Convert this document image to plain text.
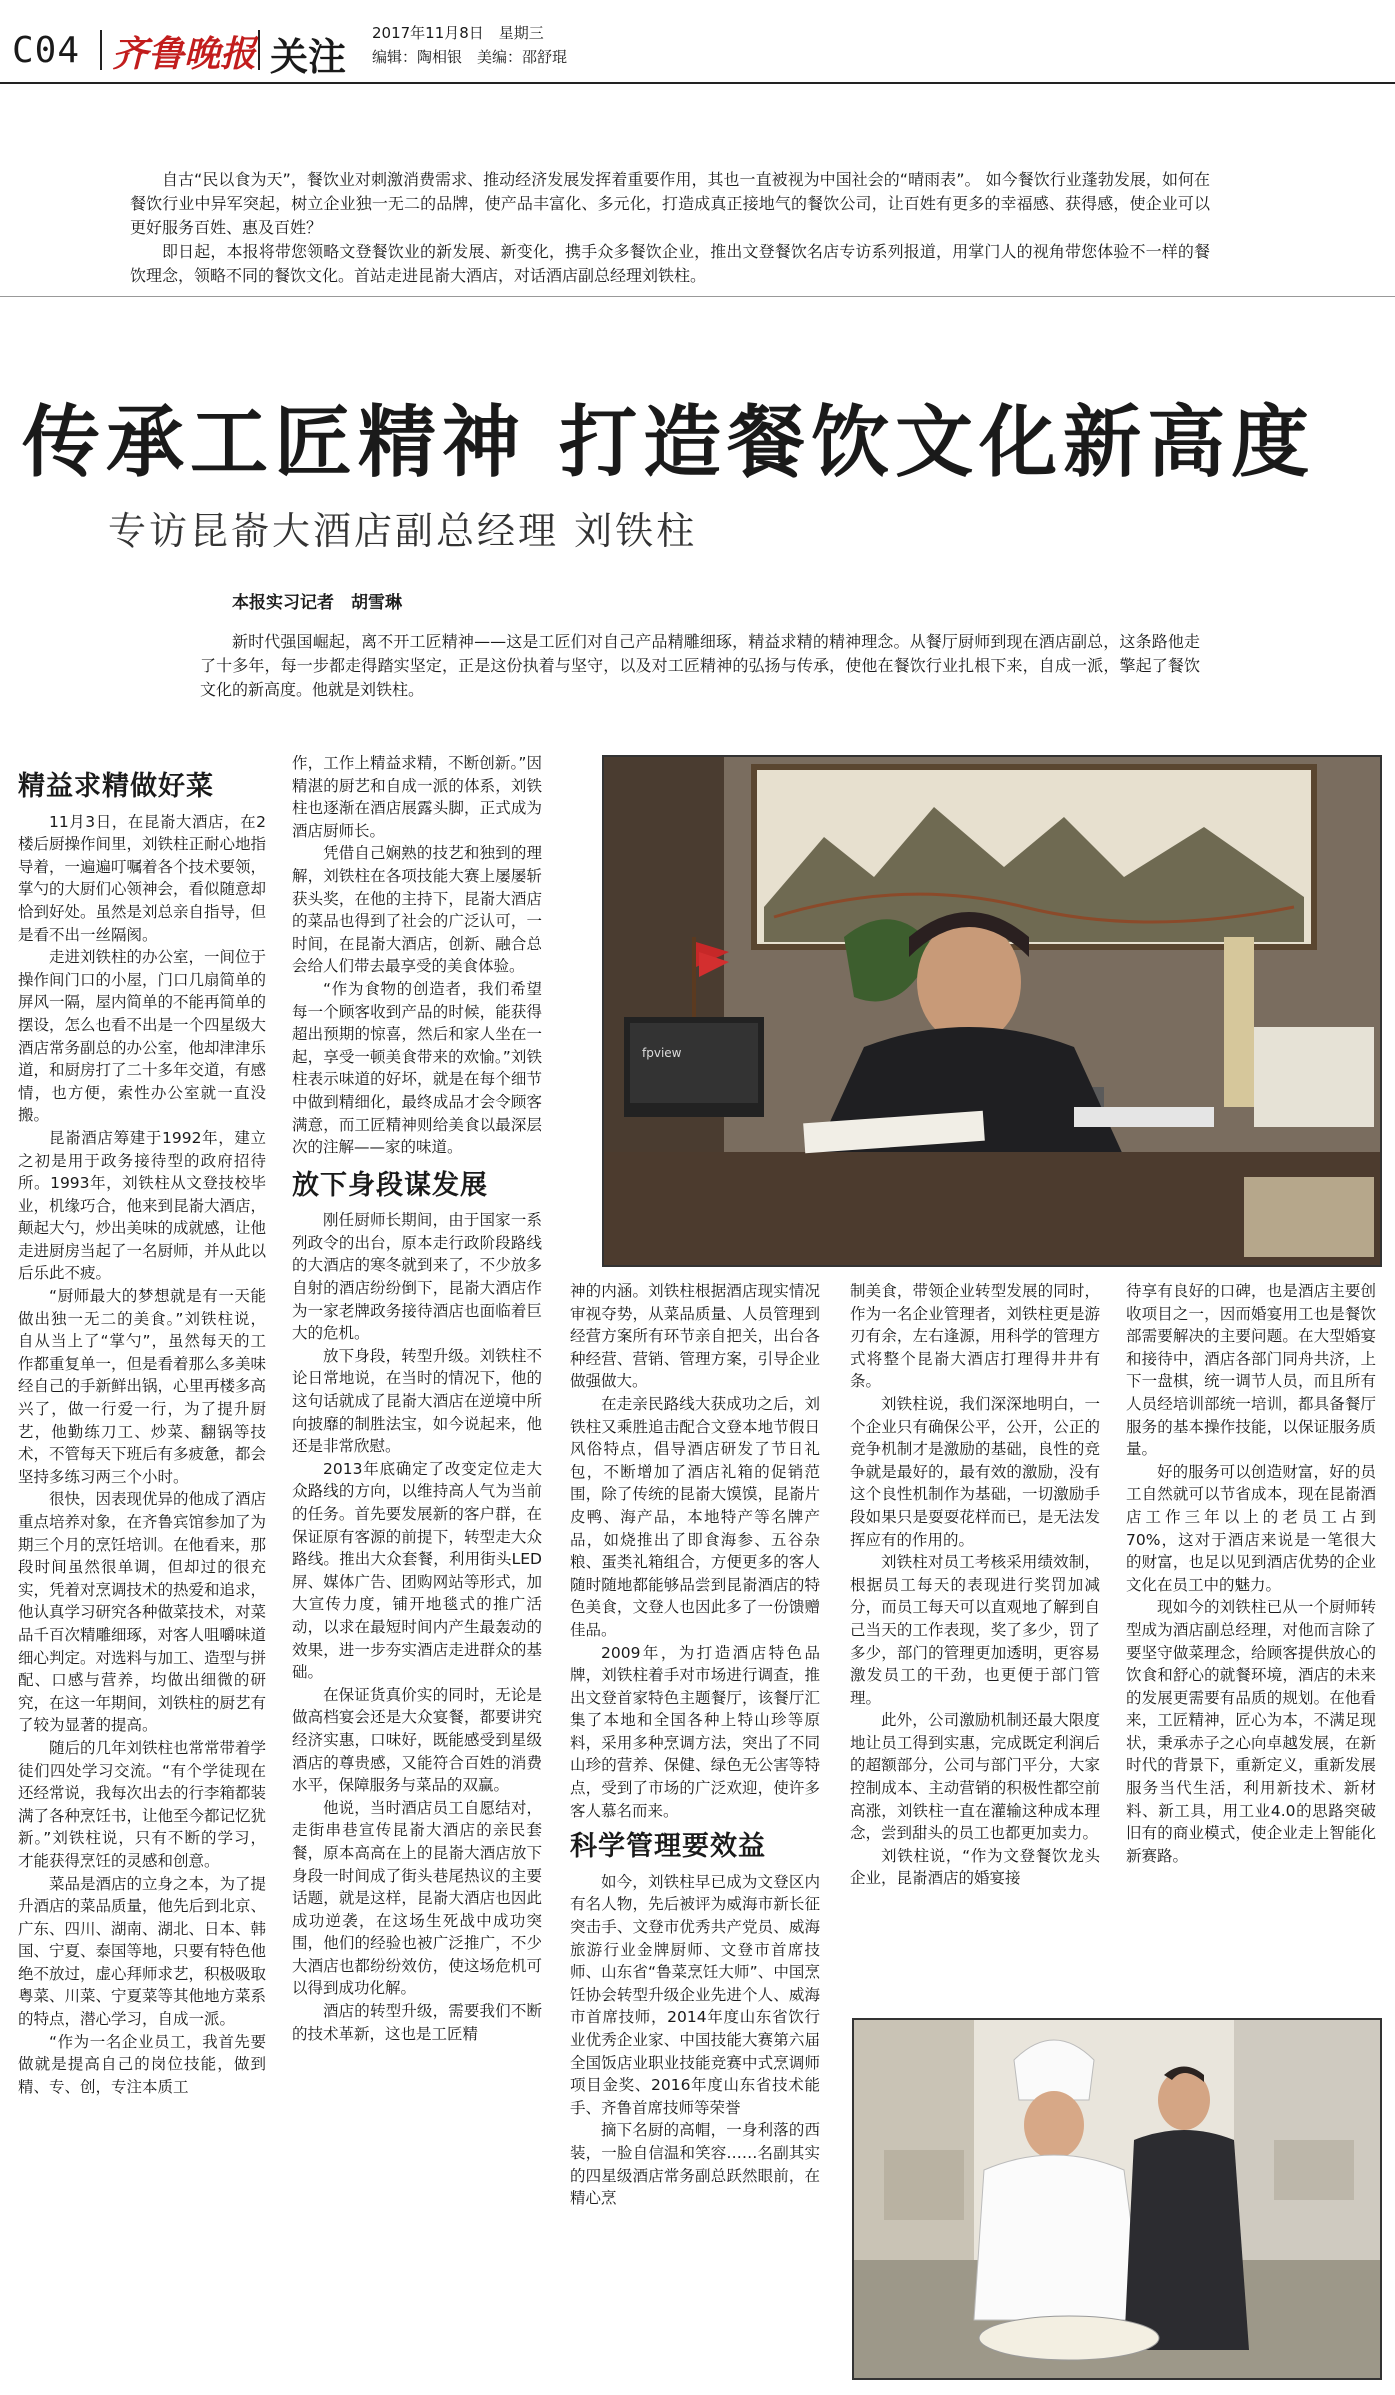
C04 齐鲁晚报 关注
2017年11月8日　星期三
编辑：陶相银　美编：邵舒琨

自古“民以食为天”，餐饮业对刺激消费需求、推动经济发展发挥着重要作用，其也一直被视为中国社会的“晴雨表”。 如今餐饮行业蓬勃发展，如何在餐饮行业中异军突起，树立企业独一无二的品牌，使产品丰富化、多元化，打造成真正接地气的餐饮公司，让百姓有更多的幸福感、获得感，使企业可以更好服务百姓、惠及百姓？

即日起，本报将带您领略文登餐饮业的新发展、新变化，携手众多餐饮企业，推出文登餐饮名店专访系列报道，用掌门人的视角带您体验不一样的餐饮理念，领略不同的餐饮文化。首站走进昆嵛大酒店，对话酒店副总经理刘铁柱。

传承工匠精神 打造餐饮文化新高度
专访昆嵛大酒店副总经理 刘铁柱
本报实习记者　胡雪琳
新时代强国崛起，离不开工匠精神——这是工匠们对自己产品精雕细琢，精益求精的精神理念。从餐厅厨师到现在酒店副总，这条路他走了十多年，每一步都走得踏实坚定，正是这份执着与坚守，以及对工匠精神的弘扬与传承，使他在餐饮行业扎根下来，自成一派，擎起了餐饮文化的新高度。他就是刘铁柱。
精益求精做好菜

11月3日，在昆嵛大酒店，在2楼后厨操作间里，刘铁柱正耐心地指导着，一遍遍叮嘱着各个技术要领，掌勺的大厨们心领神会，看似随意却恰到好处。虽然是刘总亲自指导，但是看不出一丝隔阂。

走进刘铁柱的办公室，一间位于操作间门口的小屋，门口几扇简单的屏风一隔，屋内简单的不能再简单的摆设，怎么也看不出是一个四星级大酒店常务副总的办公室，他却津津乐道，和厨房打了二十多年交道，有感情，也方便，索性办公室就一直没搬。

昆嵛酒店筹建于1992年，建立之初是用于政务接待型的政府招待所。1993年，刘铁柱从文登技校毕业，机缘巧合，他来到昆嵛大酒店，颠起大勺，炒出美味的成就感，让他走进厨房当起了一名厨师，并从此以后乐此不疲。

“厨师最大的梦想就是有一天能做出独一无二的美食。”刘铁柱说，自从当上了“掌勺”，虽然每天的工作都重复单一，但是看着那么多美味经自己的手新鲜出锅，心里再楼多高兴了，做一行爱一行，为了提升厨艺，他勤练刀工、炒菜、翻锅等技术，不管每天下班后有多疲惫，都会坚持多练习两三个小时。

很快，因表现优异的他成了酒店重点培养对象，在齐鲁宾馆参加了为期三个月的烹饪培训。在他看来，那段时间虽然很单调，但却过的很充实，凭着对烹调技术的热爱和追求，他认真学习研究各种做菜技术，对菜品千百次精雕细琢，对客人咀嚼味道细心判定。对选料与加工、造型与拼配、口感与营养，均做出细微的研究，在这一年期间，刘铁柱的厨艺有了较为显著的提高。

随后的几年刘铁柱也常常带着学徒们四处学习交流。“有个学徒现在还经常说，我每次出去的行李箱都装满了各种烹饪书，让他至今都记忆犹新。”刘铁柱说，只有不断的学习，才能获得烹饪的灵感和创意。

菜品是酒店的立身之本，为了提升酒店的菜品质量，他先后到北京、广东、四川、湖南、湖北、日本、韩国、宁夏、泰国等地，只要有特色他绝不放过，虚心拜师求艺，积极吸取粤菜、川菜、宁夏菜等其他地方菜系的特点，潜心学习，自成一派。

“作为一名企业员工，我首先要做就是提高自己的岗位技能，做到精、专、创，专注本质工

作，工作上精益求精，不断创新。”因精湛的厨艺和自成一派的体系，刘铁柱也逐渐在酒店展露头脚，正式成为酒店厨师长。

凭借自己娴熟的技艺和独到的理解，刘铁柱在各项技能大赛上屡屡斩获头奖，在他的主持下，昆嵛大酒店的菜品也得到了社会的广泛认可，一时间，在昆嵛大酒店，创新、融合总会给人们带去最享受的美食体验。

“作为食物的创造者，我们希望每一个顾客收到产品的时候，能获得超出预期的惊喜，然后和家人坐在一起，享受一顿美食带来的欢愉。”刘铁柱表示味道的好坏，就是在每个细节中做到精细化，最终成品才会令顾客满意，而工匠精神则给美食以最深层次的注解——家的味道。

放下身段谋发展

刚任厨师长期间，由于国家一系列政令的出台，原本走行政阶段路线的大酒店的寒冬就到来了，不少放多自射的酒店纷纷倒下，昆嵛大酒店作为一家老牌政务接待酒店也面临着巨大的危机。

放下身段，转型升级。刘铁柱不论日常地说，在当时的情况下，他的这句话就成了昆嵛大酒店在逆境中所向披靡的制胜法宝，如今说起来，他还是非常欣慰。

2013年底确定了改变定位走大众路线的方向，以维持高人气为当前的任务。首先要发展新的客户群，在保证原有客源的前提下，转型走大众路线。推出大众套餐，利用街头LED屏、媒体广告、团购网站等形式，加大宣传力度，铺开地毯式的推广活动，以求在最短时间内产生最轰动的效果，进一步夯实酒店走进群众的基础。

在保证货真价实的同时，无论是做高档宴会还是大众宴餐，都要讲究经济实惠，口味好，既能感受到星级酒店的尊贵感，又能符合百姓的消费水平，保障服务与菜品的双赢。

他说，当时酒店员工自愿结对，走街串巷宣传昆嵛大酒店的亲民套餐，原本高高在上的昆嵛大酒店放下身段一时间成了街头巷尾热议的主要话题，就是这样，昆嵛大酒店也因此成功逆袭，在这场生死战中成功突围，他们的经验也被广泛推广，不少大酒店也都纷纷效仿，使这场危机可以得到成功化解。

酒店的转型升级，需要我们不断的技术革新，这也是工匠精

fpview

神的内涵。刘铁柱根据酒店现实情况审视夺势，从菜品质量、人员管理到经营方案所有环节亲自把关，出台各种经营、营销、管理方案，引导企业做强做大。

在走亲民路线大获成功之后，刘铁柱又乘胜追击配合文登本地节假日风俗特点，倡导酒店研发了节日礼包，不断增加了酒店礼箱的促销范围，除了传统的昆嵛大馍馍，昆嵛片皮鸭、海产品，本地特产等名牌产品，如烧推出了即食海参、五谷杂粮、蛋类礼箱组合，方便更多的客人随时随地都能够品尝到昆嵛酒店的特色美食，文登人也因此多了一份馈赠佳品。

2009年，为打造酒店特色品牌，刘铁柱着手对市场进行调查，推出文登首家特色主题餐厅，该餐厅汇集了本地和全国各种上特山珍等原料，采用多种烹调方法，突出了不同山珍的营养、保健、绿色无公害等特点，受到了市场的广泛欢迎，使许多客人慕名而来。

科学管理要效益

如今，刘铁柱早已成为文登区内有名人物，先后被评为威海市新长征突击手、文登市优秀共产党员、威海旅游行业金牌厨师、文登市首席技师、山东省“鲁菜烹饪大师”、中国烹饪协会转型升级企业先进个人、威海市首席技师，2014年度山东省饮行业优秀企业家、中国技能大赛第六届全国饭店业职业技能竞赛中式烹调师项目金奖、2016年度山东省技术能手、齐鲁首席技师等荣誉

摘下名厨的高帽，一身利落的西装，一脸自信温和笑容……名副其实的四星级酒店常务副总跃然眼前，在精心烹

制美食，带领企业转型发展的同时，作为一名企业管理者，刘铁柱更是游刃有余，左右逢源，用科学的管理方式将整个昆嵛大酒店打理得井井有条。

刘铁柱说，我们深深地明白，一个企业只有确保公平，公开，公正的竞争机制才是激励的基础，良性的竞争就是最好的，最有效的激励，没有这个良性机制作为基础，一切激励手段如果只是耍耍花样而已，是无法发挥应有的作用的。

刘铁柱对员工考核采用绩效制，根据员工每天的表现进行奖罚加减分，而员工每天可以直观地了解到自己当天的工作表现，奖了多少，罚了多少，部门的管理更加透明，更容易激发员工的干劲，也更便于部门管理。

此外，公司激励机制还最大限度地让员工得到实惠，完成既定利润后的超额部分，公司与部门平分，大家控制成本、主动营销的积极性都空前高涨，刘铁柱一直在灌输这种成本理念，尝到甜头的员工也都更加卖力。

刘铁柱说，“作为文登餐饮龙头企业，昆嵛酒店的婚宴接

待享有良好的口碑，也是酒店主要创收项目之一，因而婚宴用工也是餐饮部需要解决的主要问题。在大型婚宴和接待中，酒店各部门同舟共济，上下一盘棋，统一调节人员，而且所有人员经培训部统一培训，都具备餐厅服务的基本操作技能，以保证服务质量。

好的服务可以创造财富，好的员工自然就可以节省成本，现在昆嵛酒店工作三年以上的老员工占到70%，这对于酒店来说是一笔很大的财富，也足以见到酒店优势的企业文化在员工中的魅力。

现如今的刘铁柱已从一个厨师转型成为酒店副总经理，对他而言除了要坚守做菜理念，给顾客提供放心的饮食和舒心的就餐环境，酒店的未来的发展更需要有品质的规划。在他看来，工匠精神，匠心为本，不满足现状，秉承赤子之心向卓越发展，在新时代的背景下，重新定义，重新发展服务当代生活，利用新技术、新材料、新工具，用工业4.0的思路突破旧有的商业模式，使企业走上智能化新赛路。
